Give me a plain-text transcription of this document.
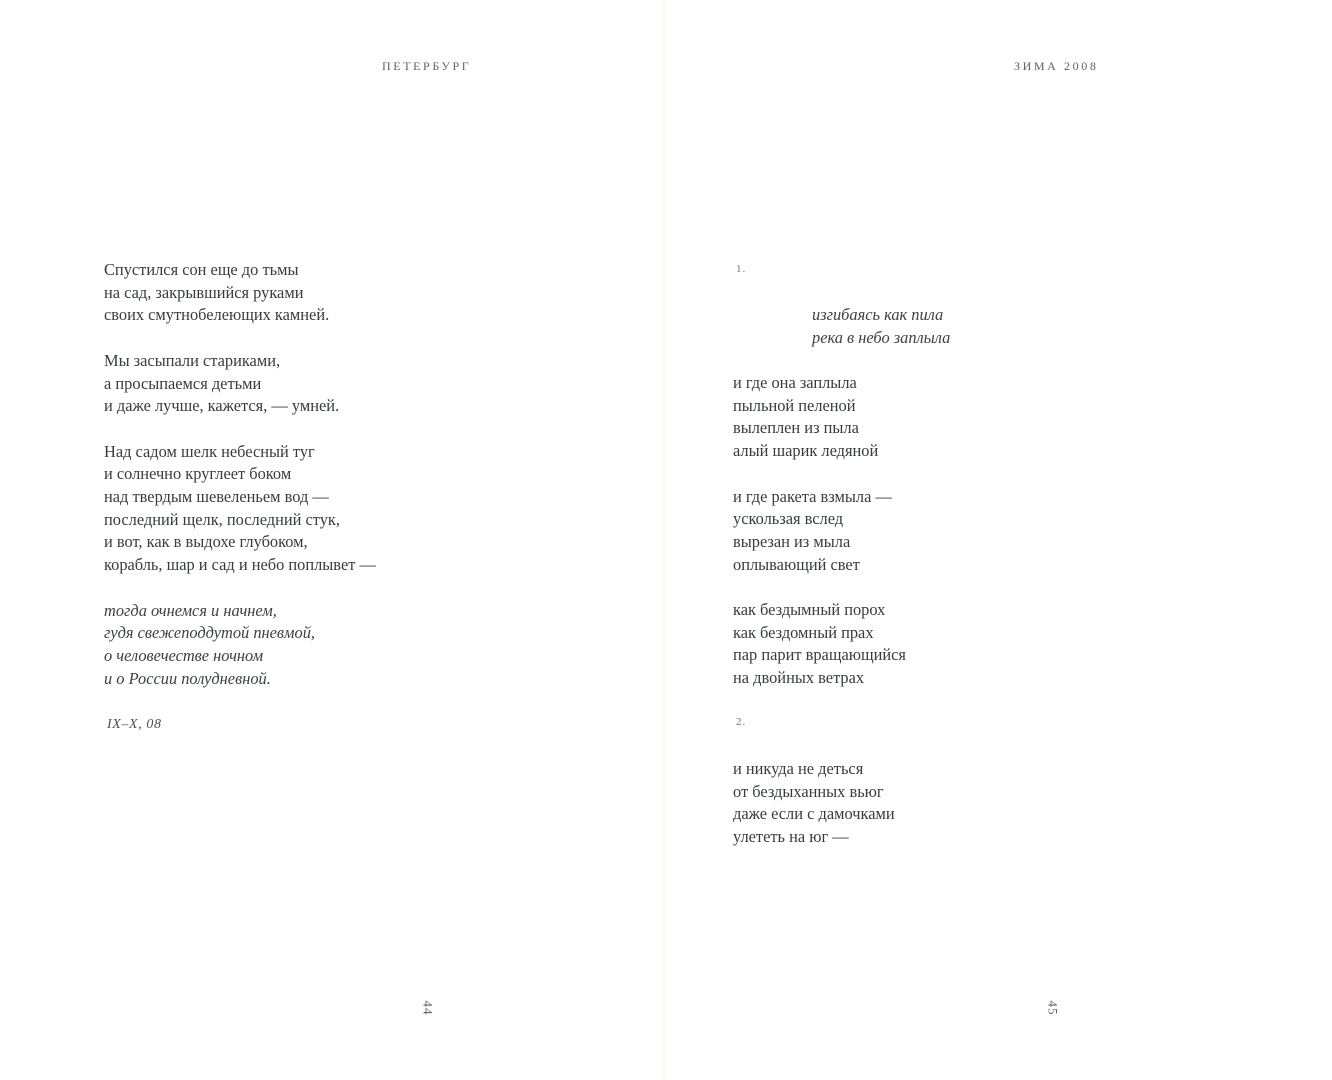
ПЕТЕРБУРГ
Спустился сон еще до тьмы
на сад, закрывшийся руками
своих смутнобелеющих камней.
Мы засыпали стариками,
а просыпаемся детьми
и даже лучше, кажется, — умней.
Над садом шелк небесный туг
и солнечно круглеет боком
над твердым шевеленьем вод —
последний щелк, последний стук,
и вот, как в выдохе глубоком,
корабль, шар и сад и небо поплывет —
тогда очнемся и начнем,
гудя свежеподдутой пневмой,
о человечестве ночном
и о России полудневной.
IX–X, 08
44
ЗИМА 2008
1.
изгибаясь как пила
река в небо заплыла
и где она заплыла
пыльной пеленой
вылеплен из пыла
алый шарик ледяной
и где ракета взмыла —
ускользая вслед
вырезан из мыла
оплывающий свет
как бездымный порох
как бездомный прах
пар парит вращающийся
на двойных ветрах
2.
и никуда не деться
от бездыханных вьюг
даже если с дамочками
улететь на юг —
45
